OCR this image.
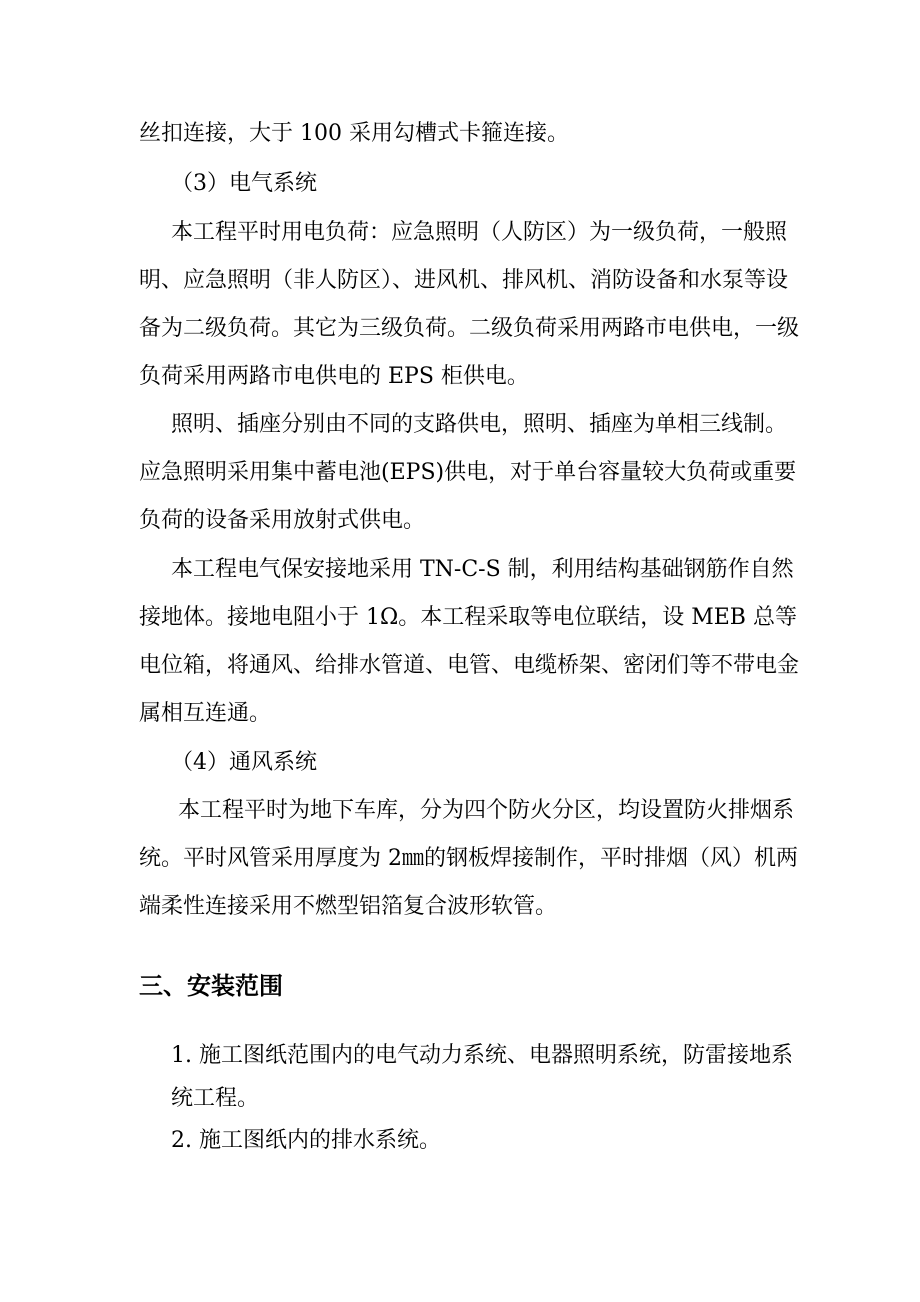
丝扣连接，大于 100 采用勾槽式卡箍连接。
（3）电气系统
本工程平时用电负荷：应急照明（人防区）为一级负荷，一般照
明、应急照明（非人防区）、进风机、排风机、消防设备和水泵等设
备为二级负荷。其它为三级负荷。二级负荷采用两路市电供电，一级
负荷采用两路市电供电的 EPS 柜供电。
照明、插座分别由不同的支路供电，照明、插座为单相三线制。
应急照明采用集中蓄电池(EPS)供电，对于单台容量较大负荷或重要
负荷的设备采用放射式供电。
本工程电气保安接地采用 TN-C-S 制，利用结构基础钢筋作自然
接地体。接地电阻小于 1Ω。本工程采取等电位联结，设 MEB 总等
电位箱，将通风、给排水管道、电管、电缆桥架、密闭们等不带电金
属相互连通。
（4）通风系统
本工程平时为地下车库，分为四个防火分区，均设置防火排烟系
统。平时风管采用厚度为 2㎜的钢板焊接制作，平时排烟（风）机两
端柔性连接采用不燃型铝箔复合波形软管。
三、安装范围
1. 施工图纸范围内的电气动力系统、电器照明系统，防雷接地系
统工程。
2. 施工图纸内的排水系统。
